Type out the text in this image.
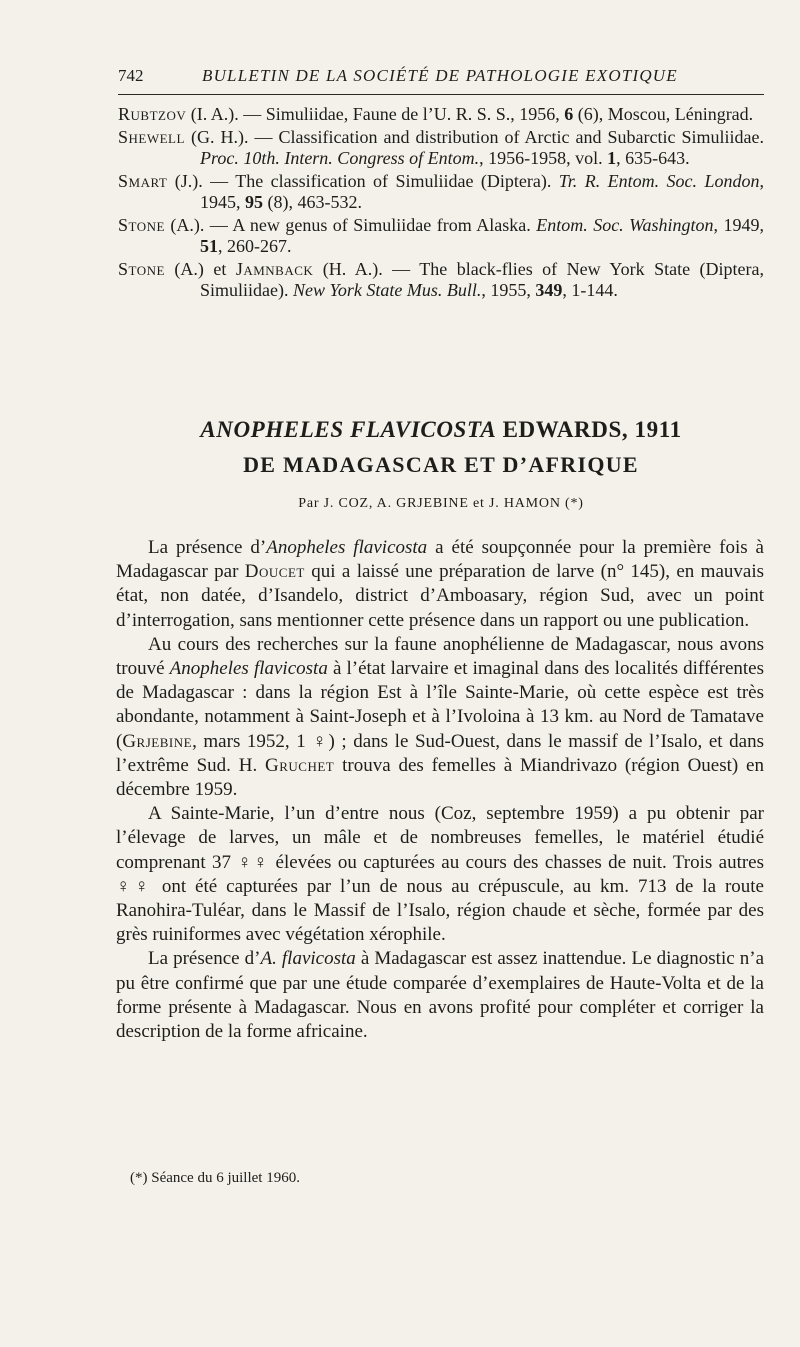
742	BULLETIN DE LA SOCIÉTÉ DE PATHOLOGIE EXOTIQUE

Rubtzov (I. A.). — Simuliidae, Faune de l’U. R. S. S., 1956, 6 (6), Moscou, Léningrad.

Shewell (G. H.). — Classification and distribution of Arctic and Subarctic Simuliidae. Proc. 10th. Intern. Congress of Entom., 1956-1958, vol. 1, 635-643.

Smart (J.). — The classification of Simuliidae (Diptera). Tr. R. Entom. Soc. London, 1945, 95 (8), 463-532.

Stone (A.). — A new genus of Simuliidae from Alaska. Entom. Soc. Washington, 1949, 51, 260-267.

Stone (A.) et Jamnback (H. A.). — The black-flies of New York State (Diptera, Simuliidae). New York State Mus. Bull., 1955, 349, 1-144.

ANOPHELES FLAVICOSTA EDWARDS, 1911
DE MADAGASCAR ET D’AFRIQUE
Par J. COZ, A. GRJEBINE et J. HAMON (*)

La présence d’Anopheles flavicosta a été soupçonnée pour la première fois à Madagascar par Doucet qui a laissé une préparation de larve (n° 145), en mauvais état, non datée, d’Isandelo, district d’Amboasary, région Sud, avec un point d’interrogation, sans mentionner cette présence dans un rapport ou une publication.

Au cours des recherches sur la faune anophélienne de Madagascar, nous avons trouvé Anopheles flavicosta à l’état larvaire et imaginal dans des localités différentes de Madagascar : dans la région Est à l’île Sainte-Marie, où cette espèce est très abondante, notamment à Saint-Joseph et à l’Ivoloina à 13 km. au Nord de Tamatave (Grjebine, mars 1952, 1 ♀) ; dans le Sud-Ouest, dans le massif de l’Isalo, et dans l’extrême Sud. H. Gruchet trouva des femelles à Miandrivazo (région Ouest) en décembre 1959.

A Sainte-Marie, l’un d’entre nous (Coz, septembre 1959) a pu obtenir par l’élevage de larves, un mâle et de nombreuses femelles, le matériel étudié comprenant 37 ♀♀ élevées ou capturées au cours des chasses de nuit. Trois autres ♀♀ ont été capturées par l’un de nous au crépuscule, au km. 713 de la route Ranohira-Tuléar, dans le Massif de l’Isalo, région chaude et sèche, formée par des grès ruiniformes avec végétation xérophile.

La présence d’A. flavicosta à Madagascar est assez inattendue. Le diagnostic n’a pu être confirmé que par une étude comparée d’exemplaires de Haute-Volta et de la forme présente à Madagascar. Nous en avons profité pour compléter et corriger la description de la forme africaine.

(*) Séance du 6 juillet 1960.
